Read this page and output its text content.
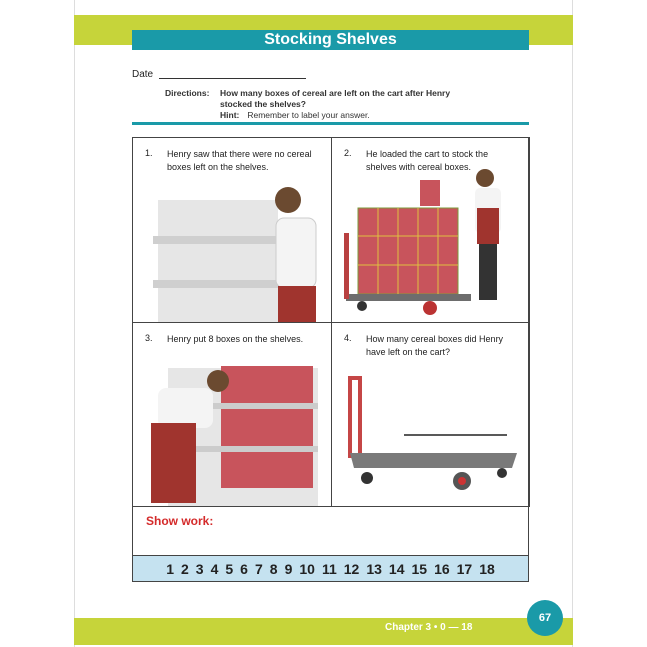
Stocking Shelves
Date
Directions: How many boxes of cereal are left on the cart after Henry stocked the shelves?
Hint: Remember to label your answer.
1. Henry saw that there were no cereal boxes left on the shelves.
2. He loaded the cart to stock the shelves with cereal boxes.
3. Henry put 8 boxes on the shelves.	4. How many cereal boxes did Henry have left on the cart?
Show work:
1 2 3 4 5 6 7 8 9 10 11 12 13 14 15 16 17 18
Chapter 3 • 0 — 18
67
